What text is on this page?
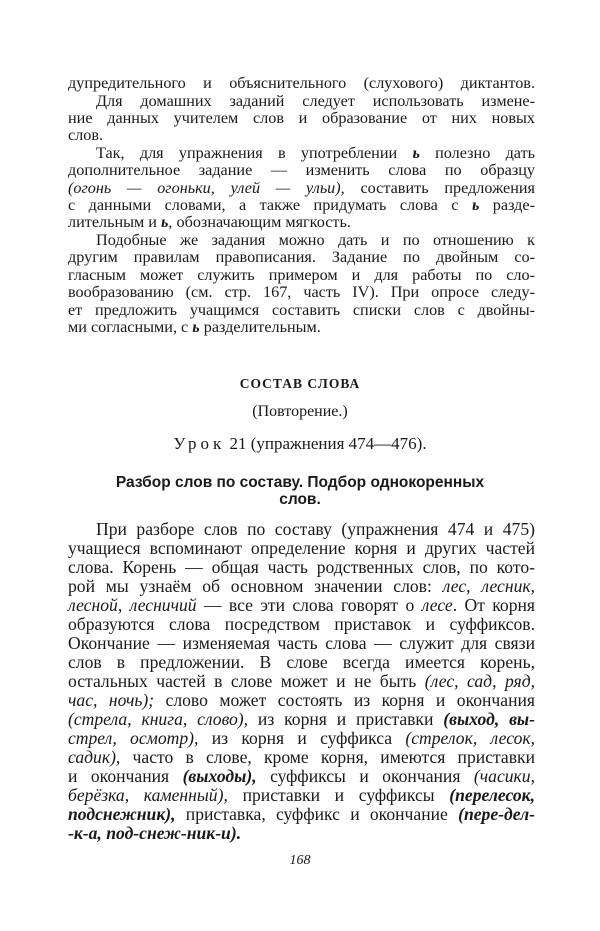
дупредительного и объяснительного (слухового) диктантов.
Для домашних заданий следует использовать измене-
ние данных учителем слов и образование от них новых
слов.
Так, для упражнения в употреблении ь полезно дать
дополнительное задание — изменить слова по образцу
(огонь — огоньки, улей — ульи), составить предложения
с данными словами, а также придумать слова с ь разде-
лительным и ь, обозначающим мягкость.
Подобные же задания можно дать и по отношению к
другим правилам правописания. Задание по двойным со-
гласным может служить примером и для работы по сло-
вообразованию (см. стр. 167, часть IV). При опросе следу-
ет предложить учащимся составить списки слов с двойны-
ми согласными, с ь разделительным.
СОСТАВ СЛОВА
(Повторение.)
Урок 21 (упражнения 474—476).
Разбор слов по составу. Подбор однокоренных
слов.
При разборе слов по составу (упражнения 474 и 475)
учащиеся вспоминают определение корня и других частей
слова. Корень — общая часть родственных слов, по кото-
рой мы узнаём об основном значении слов: лес, лесник,
лесной, лесничий — все эти слова говорят о лесе. От корня
образуются слова посредством приставок и суффиксов.
Окончание — изменяемая часть слова — служит для связи
слов в предложении. В слове всегда имеется корень,
остальных частей в слове может и не быть (лес, сад, ряд,
час, ночь); слово может состоять из корня и окончания
(стрела, книга, слово), из корня и приставки (выход, вы-
стрел, осмотр), из корня и суффикса (стрелок, лесок,
садик), часто в слове, кроме корня, имеются приставки
и окончания (выходы), суффиксы и окончания (часики,
берёзка, каменный), приставки и суффиксы (перелесок,
подснежник), приставка, суффикс и окончание (пере-дел-
-к-а, под-снеж-ник-и).
168
